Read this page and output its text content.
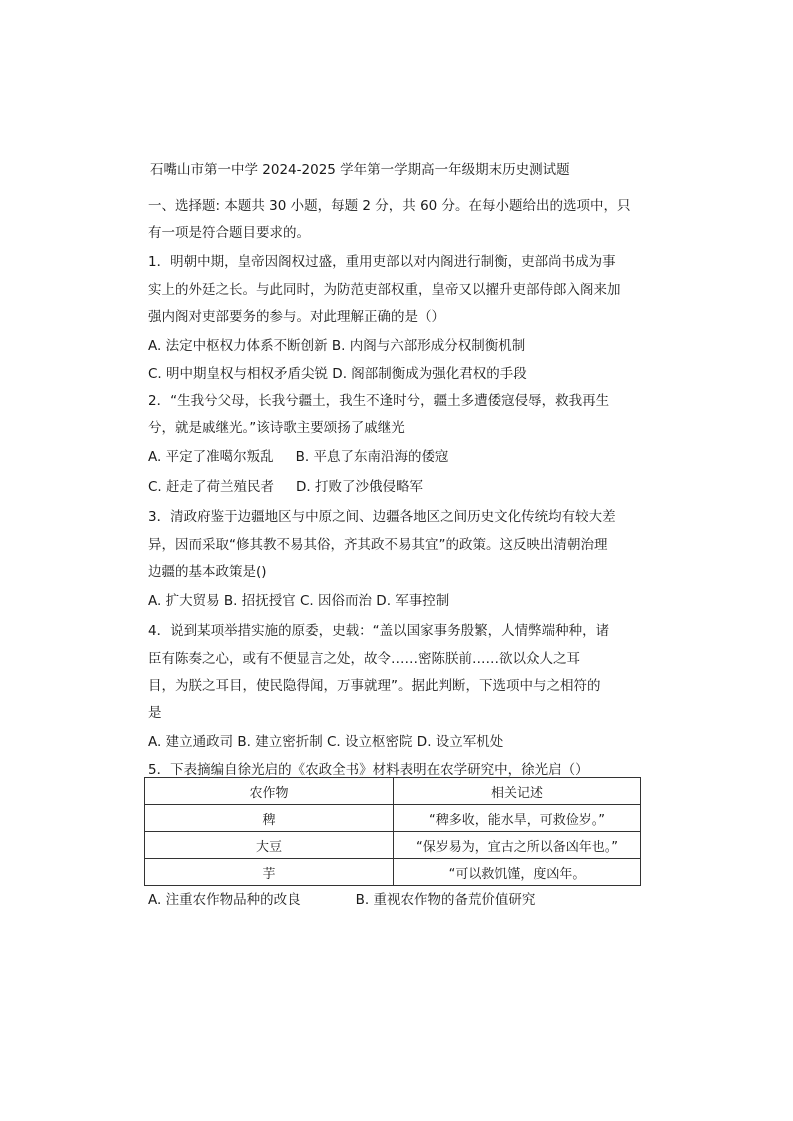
石嘴山市第一中学 2024-2025 学年第一学期高一年级期末历史测试题

一、选择题: 本题共 30 小题，每题 2 分，共 60 分。在每小题给出的选项中，只

有一项是符合题目要求的。

1．明朝中期，皇帝因阁权过盛，重用吏部以对内阁进行制衡，吏部尚书成为事

实上的外廷之长。与此同时，为防范吏部权重，皇帝又以擢升吏部侍郎入阁来加

强内阁对吏部要务的参与。对此理解正确的是（）

A. 法定中枢权力体系不断创新 B. 内阁与六部形成分权制衡机制

C. 明中期皇权与相权矛盾尖锐 D. 阁部制衡成为强化君权的手段

2．“生我兮父母，长我兮疆土，我生不逢时兮，疆土多遭倭寇侵辱，救我再生

兮，就是戚继光。”该诗歌主要颂扬了戚继光

A. 平定了准噶尔叛乱 B. 平息了东南沿海的倭寇

C. 赶走了荷兰殖民者 D. 打败了沙俄侵略军

3．清政府鉴于边疆地区与中原之间、边疆各地区之间历史文化传统均有较大差

异，因而采取“修其教不易其俗，齐其政不易其宜”的政策。这反映出清朝治理

边疆的基本政策是()

A. 扩大贸易 B. 招抚授官 C. 因俗而治 D. 军事控制

4．说到某项举措实施的原委，史载：“盖以国家事务殷繁，人情弊端种种，诸

臣有陈奏之心，或有不便显言之处，故令……密陈朕前……欲以众人之耳

目，为朕之耳目，使民隐得闻，万事就理”。据此判断，下选项中与之相符的

是

A. 建立通政司 B. 建立密折制 C. 设立枢密院 D. 设立军机处

5．下表摘编自徐光启的《农政全书》材料表明在农学研究中，徐光启（）

农作物	相关记述
稗	“稗多收，能水旱，可救俭岁。”
大豆	“保岁易为，宜古之所以备凶年也。”
芋	“可以救饥馑，度凶年。
A. 注重农作物品种的改良	B. 重视农作物的备荒价值研究
